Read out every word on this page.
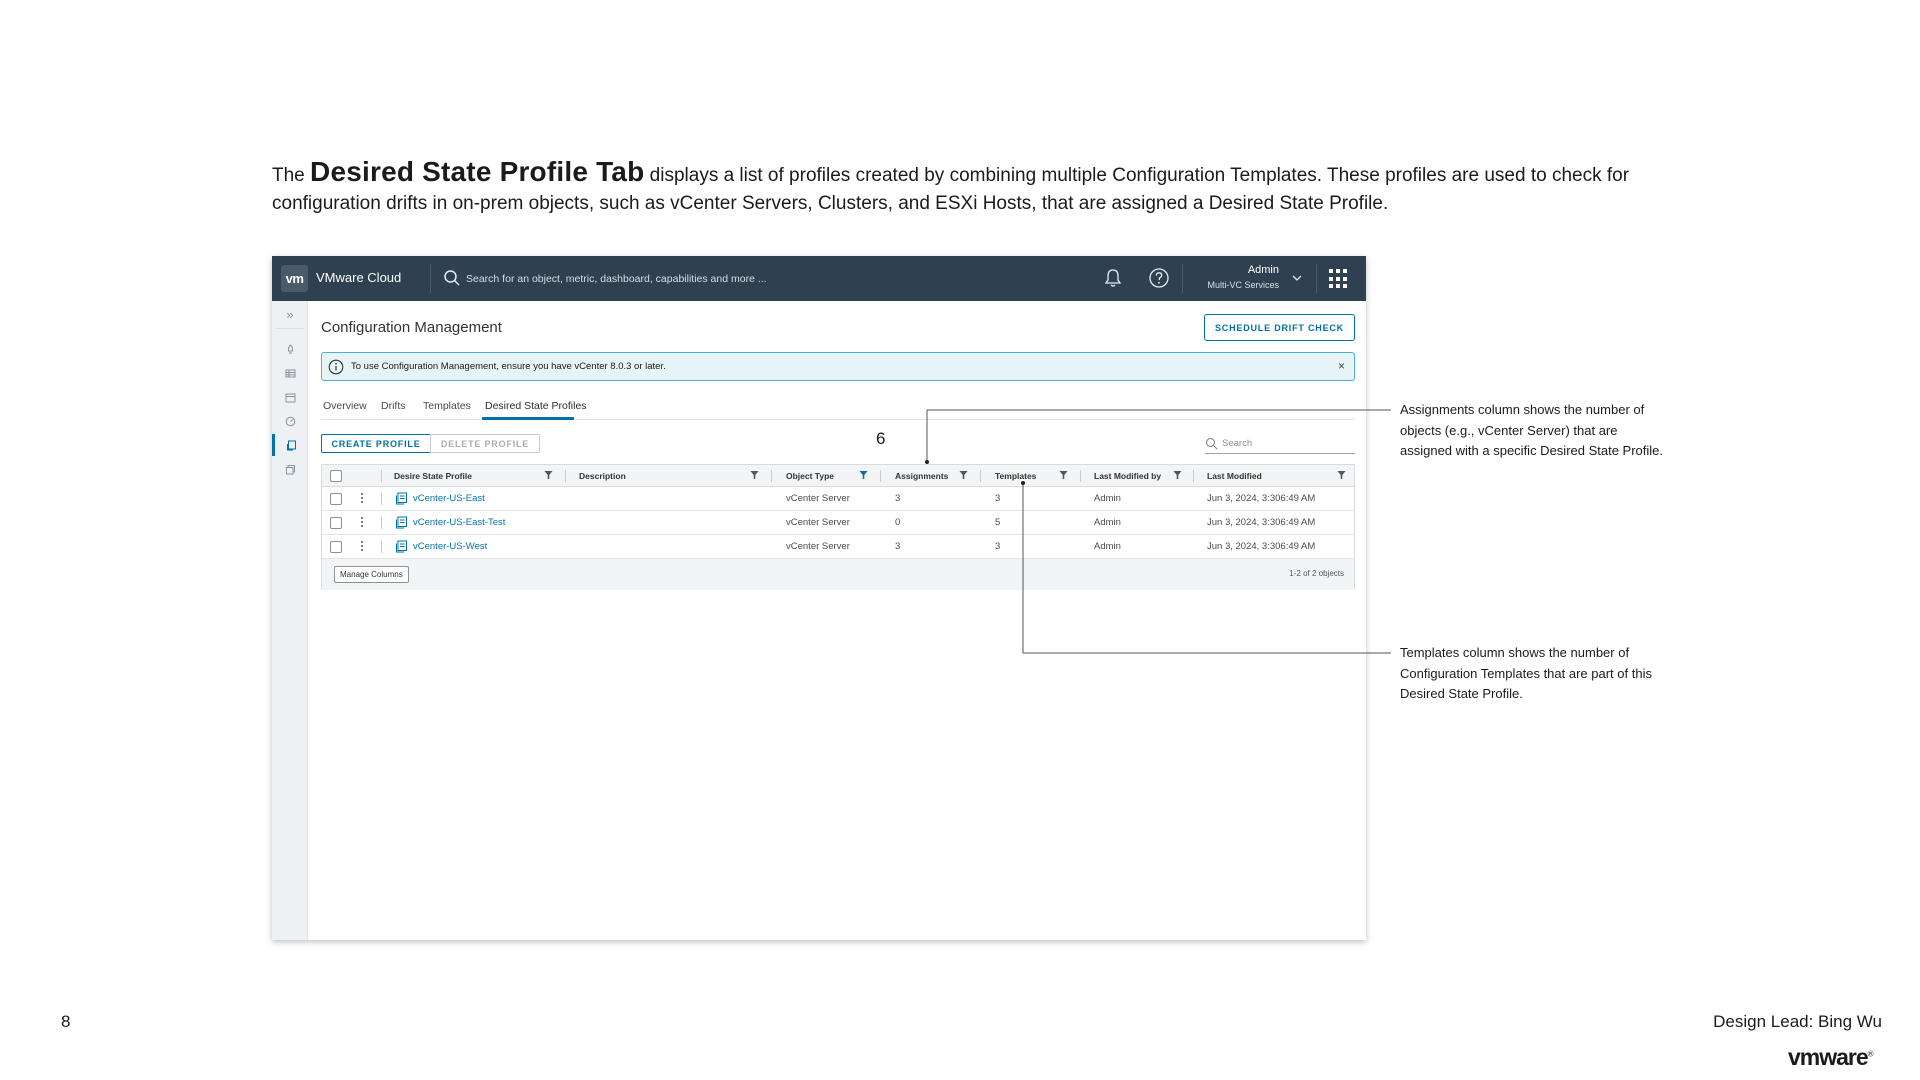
The Desired State Profile Tab displays a list of profiles created by combining multiple Configuration Templates. These profiles are used to check for configuration drifts in on-prem objects, such as vCenter Servers, Clusters, and ESXi Hosts, that are assigned a Desired State Profile.

vm VMware Cloud
Search for an object, metric, dashboard, capabilities and more ...	Admin
Multi-VC Services
»
Configuration Management	SCHEDULE DRIFT CHECK
To use Configuration Management, ensure you have vCenter 8.0.3 or later.	×
Overview Drifts Templates Desired State Profiles
CREATE PROFILE	DELETE PROFILE	6
Search
Desire State Profile	Description	Object Type	Assignments	Templates	Last Modified by	Last Modified
vCenter-US-East	vCenter Server	3	3	Admin	Jun 3, 2024, 3:306:49 AM
vCenter-US-East-Test	vCenter Server	0	5	Admin	Jun 3, 2024, 3:306:49 AM
vCenter-US-West	vCenter Server	3	3	Admin	Jun 3, 2024, 3:306:49 AM
Manage Columns	1-2 of 2 objects
Assignments column shows the number of objects (e.g., vCenter Server) that are assigned with a specific Desired State Profile.
Templates column shows the number of Configuration Templates that are part of this Desired State Profile.
8	Design Lead: Bing Wu
vmware®
